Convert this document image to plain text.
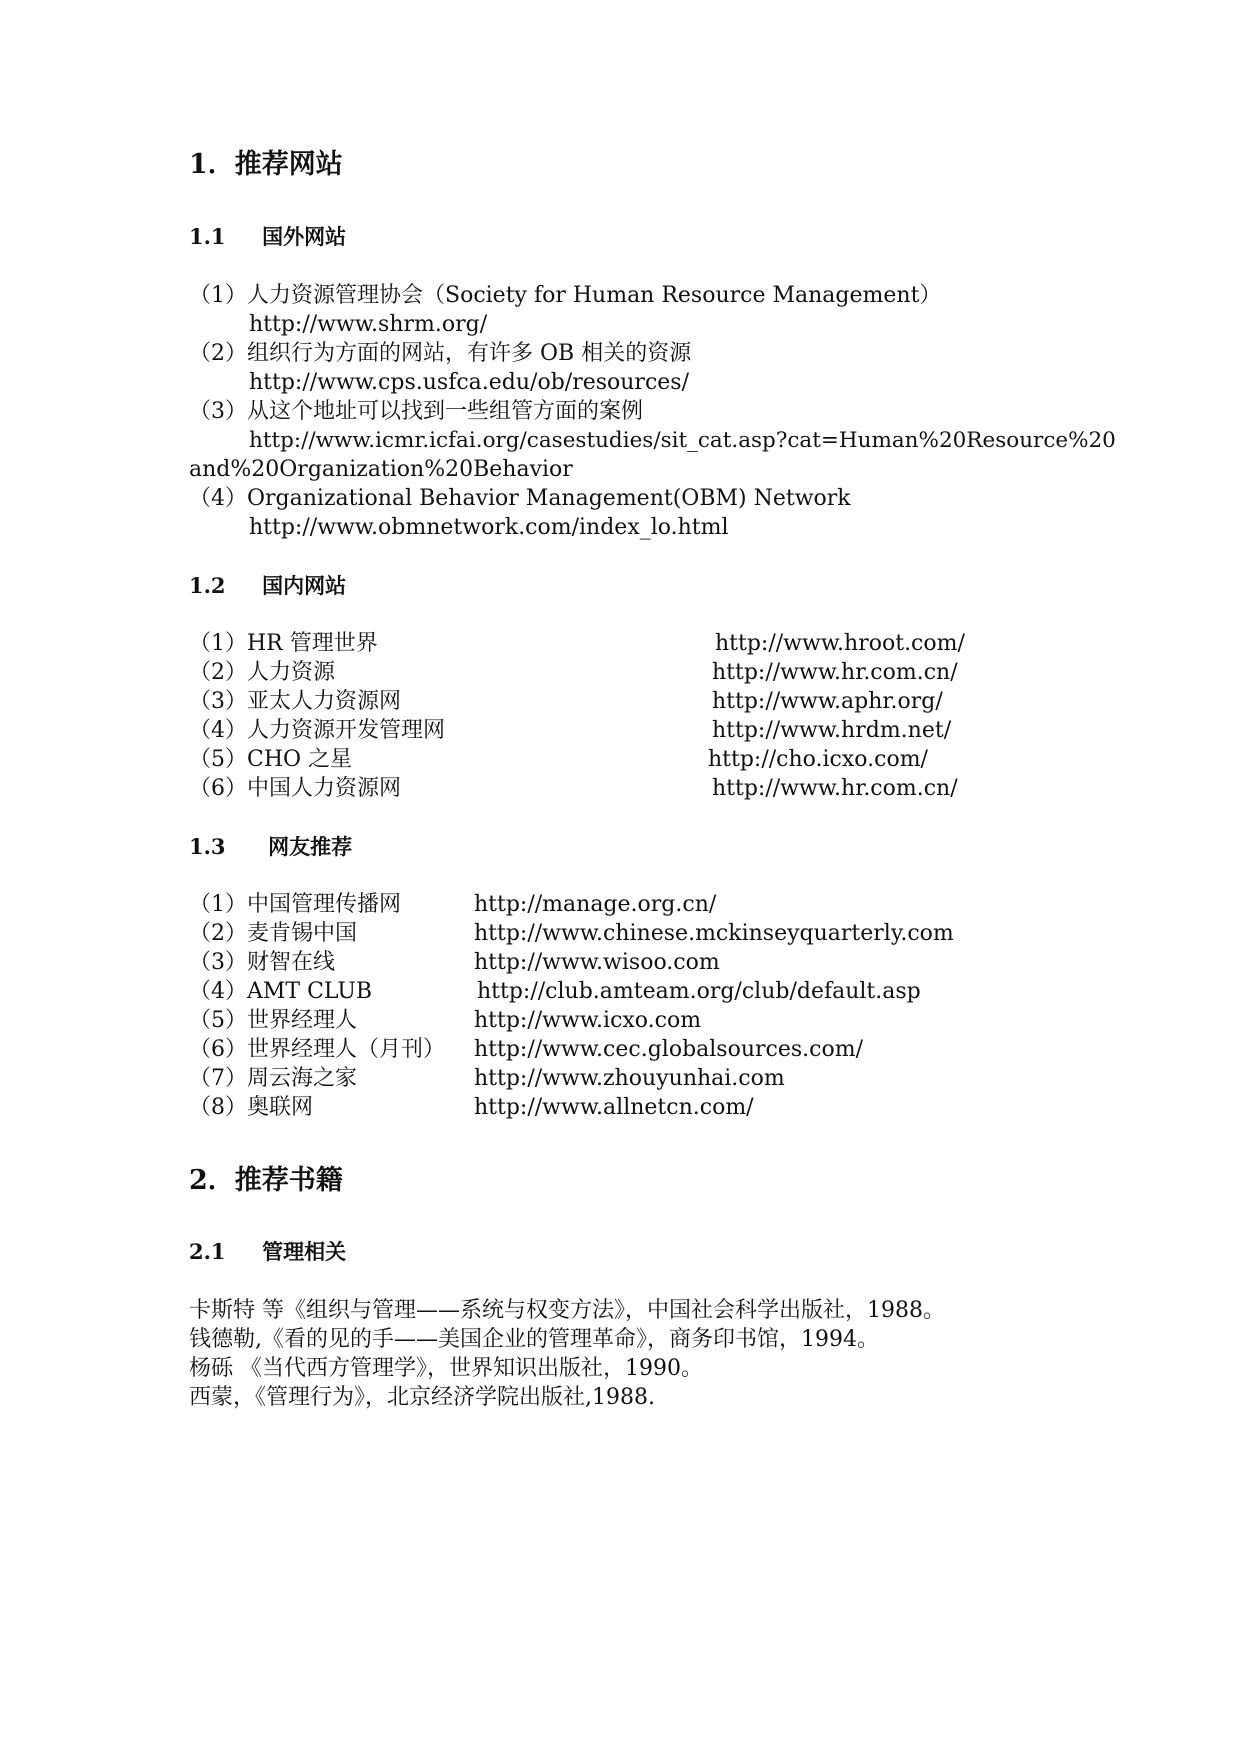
1．推荐网站
1.1 国外网站
（1）人力资源管理协会（Society for Human Resource Management）
http://www.shrm.org/
（2）组织行为方面的网站，有许多 OB 相关的资源
http://www.cps.usfca.edu/ob/resources/
（3）从这个地址可以找到一些组管方面的案例
http://www.icmr.icfai.org/casestudies/sit_cat.asp?cat=Human%20Resource%20
and%20Organization%20Behavior
（4）Organizational Behavior Management(OBM) Network
http://www.obmnetwork.com/index_lo.html
1.2 国内网站
（1）HR 管理世界	http://www.hroot.com/
（2）人力资源	http://www.hr.com.cn/
（3）亚太人力资源网	http://www.aphr.org/
（4）人力资源开发管理网	http://www.hrdm.net/
（5）CHO 之星	http://cho.icxo.com/
（6）中国人力资源网	http://www.hr.com.cn/
1.3 网友推荐
（1）中国管理传播网	http://manage.org.cn/
（2）麦肯锡中国	http://www.chinese.mckinseyquarterly.com
（3）财智在线	http://www.wisoo.com
（4）AMT CLUB	http://club.amteam.org/club/default.asp
（5）世界经理人	http://www.icxo.com
（6）世界经理人（月刊） http://www.cec.globalsources.com/
（7）周云海之家	http://www.zhouyunhai.com
（8）奥联网	http://www.allnetcn.com/
2．推荐书籍
2.1 管理相关
卡斯特 等《组织与管理——系统与权变方法》，中国社会科学出版社，1988。
钱德勒,《看的见的手——美国企业的管理革命》，商务印书馆，1994。
杨砾 《当代西方管理学》，世界知识出版社，1990。
西蒙，《管理行为》，北京经济学院出版社,1988.
